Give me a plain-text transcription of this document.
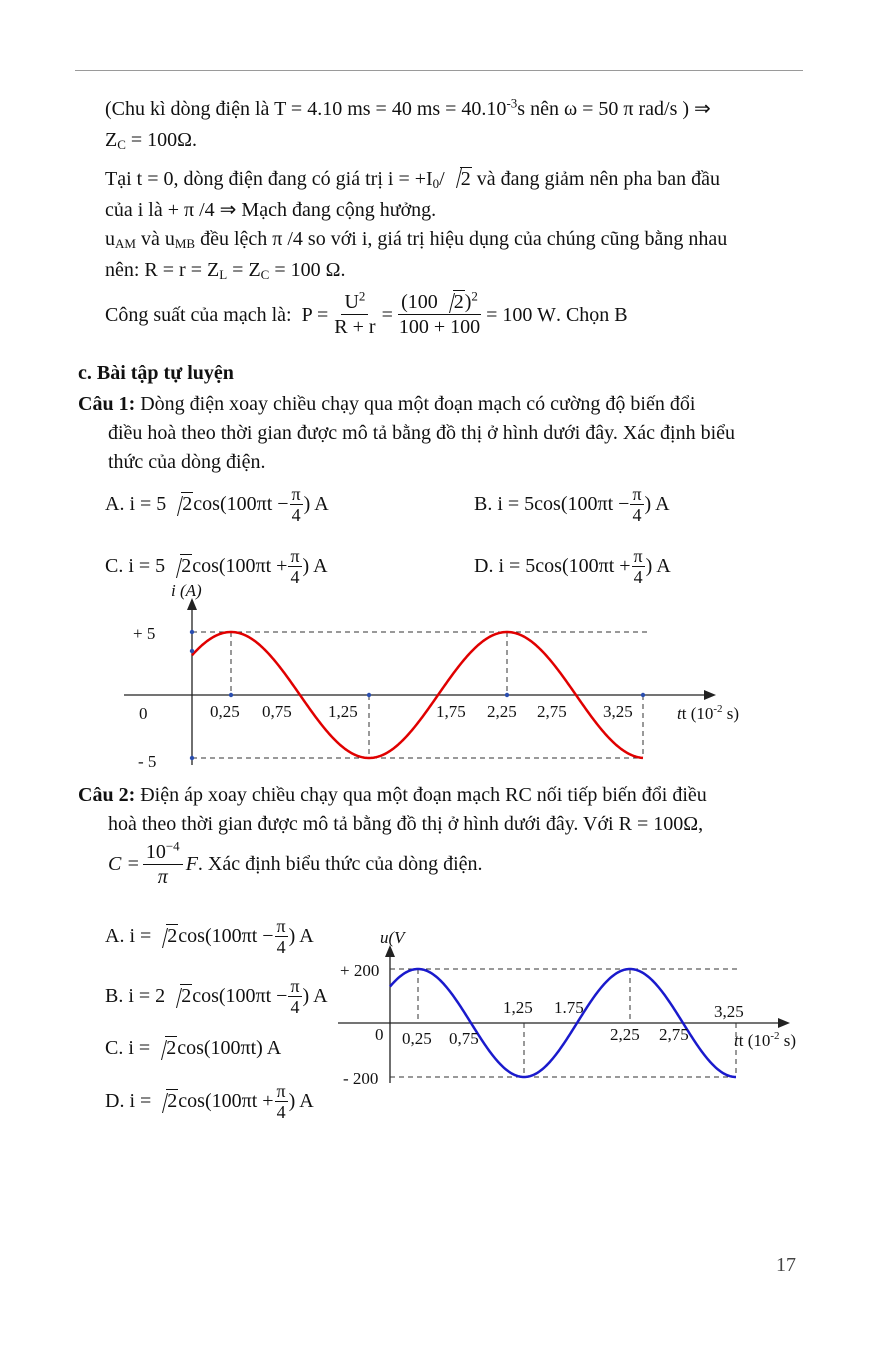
(Chu kì dòng điện là T = 4.10 ms = 40 ms = $40.10^{-3}s$ nên ω = 50 π rad/s ) ⇒
$Z_C = 100\Omega$.
Tại t = 0, dòng điện đang có giá trị $i = +I_0/$ 2 và đang giảm nên pha ban đầu
của i là + π /4 ⇒ Mạch đang cộng hưởng.
$u_{AM}$ và $u_{MB}$ đều lệch π /4 so với i, giá trị hiệu dụng của chúng cũng bằng nhau
nên: $R = r = Z_L = Z_C = 100$ Ω.
Công suất của mạch là:
$P = \frac{U^2}{R + r} = \frac{(100 2)^2}{100 + 100} = 100$ W . Chọn B
c. Bài tập tự luyện
Câu 1: Dòng điện xoay chiều chạy qua một đoạn mạch có cường độ biến đổi
điều hoà theo thời gian được mô tả bằng đồ thị ở hình dưới đây. Xác định biểu
thức của dòng điện.
A. i = 5 2 $\cos(100\pi t - \frac{\pi}{4}$ ) A	B. $i = 5\cos(100\pi t - \frac{\pi}{4}$ ) A
C. i = 5 2 $\cos(100\pi t + \frac{\pi}{4}$ ) A	D. $i = 5\cos(100\pi t + \frac{\pi}{4}$ ) A
i (A)
+ 5
- 5
0	0,25 0,75 1,25	1,75 2,25 2,75 3,25	tt ($10^{-2}$ s)
Câu 2: Điện áp xoay chiều chạy qua một đoạn mạch RC nối tiếp biến đổi điều
hoà theo thời gian được mô tả bằng đồ thị ở hình dưới đây. Với R = 100Ω,
$C = \frac{10^{-4}}{\pi}$ F . Xác định biểu thức của dòng điện.
A. i = 2 $\cos(100\pi t - \frac{\pi}{4}$ ) A
B. i = 2 2 $\cos(100\pi t - \frac{\pi}{4}$ ) A
C. i = 2 cos(100πt) A
D. i = 2 $\cos(100\pi t + \frac{\pi}{4}$ ) A
u(V
+ 200
- 200
0 0,25 0,75	2,25 2,75
1,25 1.75	3,25
tt ($10^{-2}$ s)
17
